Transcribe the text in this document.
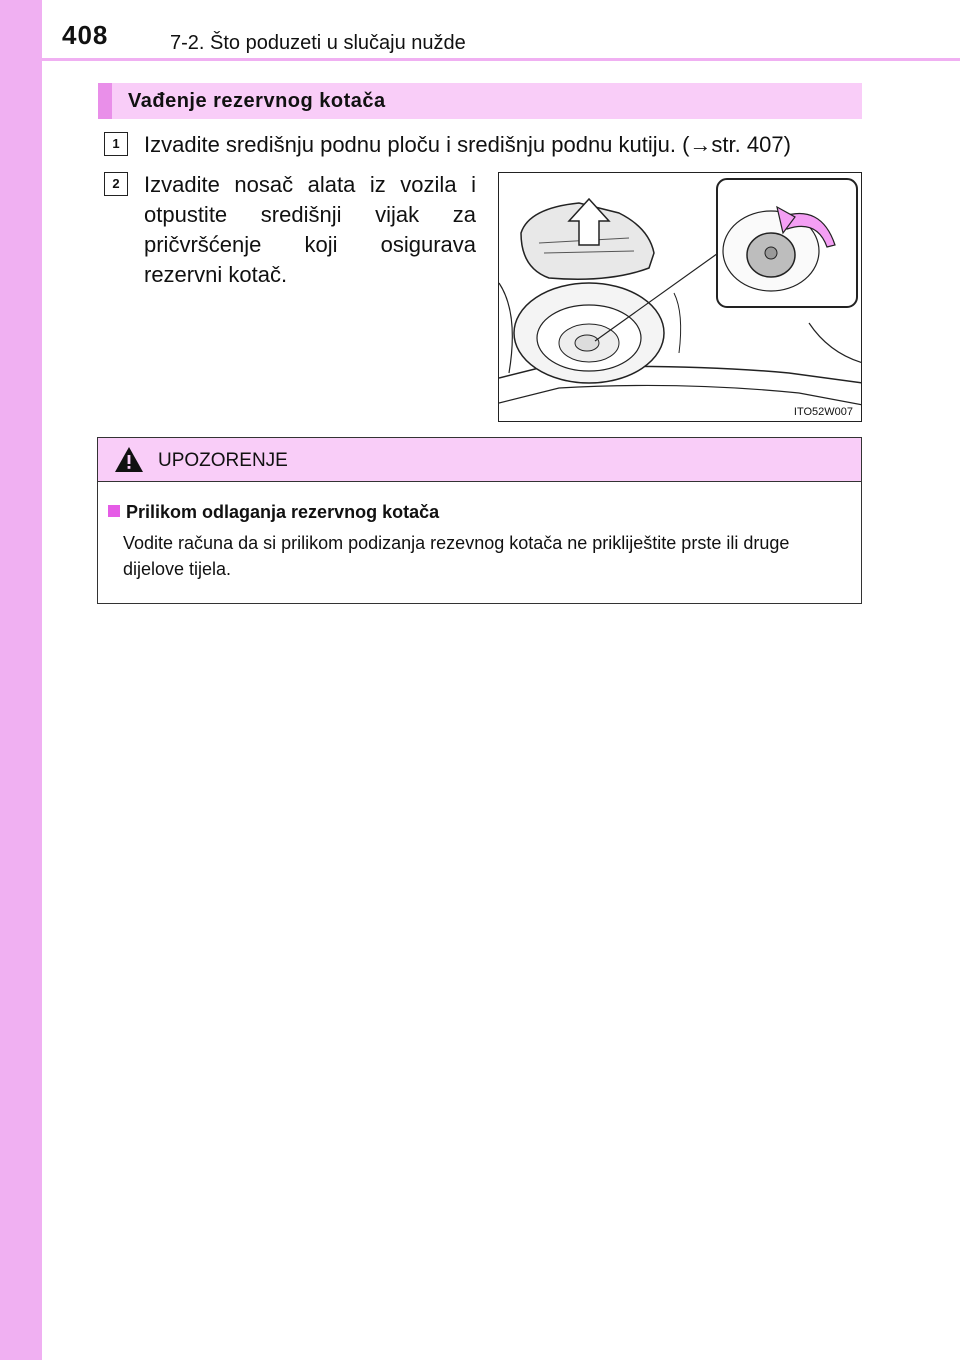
408	7-2. Što poduzeti u slučaju nužde
Vađenje rezervnog kotača
1	Izvadite središnju podnu ploču i središnju podnu kutiju. (→str. 407)
2	Izvadite nosač alata iz vozila i otpustite središnji vijak za pričvršćenje koji osigurava rezervni kotač.
ITO52W007
UPOZORENJE
Prilikom odlaganja rezervnog kotača
Vodite računa da si prilikom podizanja rezevnog kotača ne prikliještite prste ili druge dijelove tijela.
